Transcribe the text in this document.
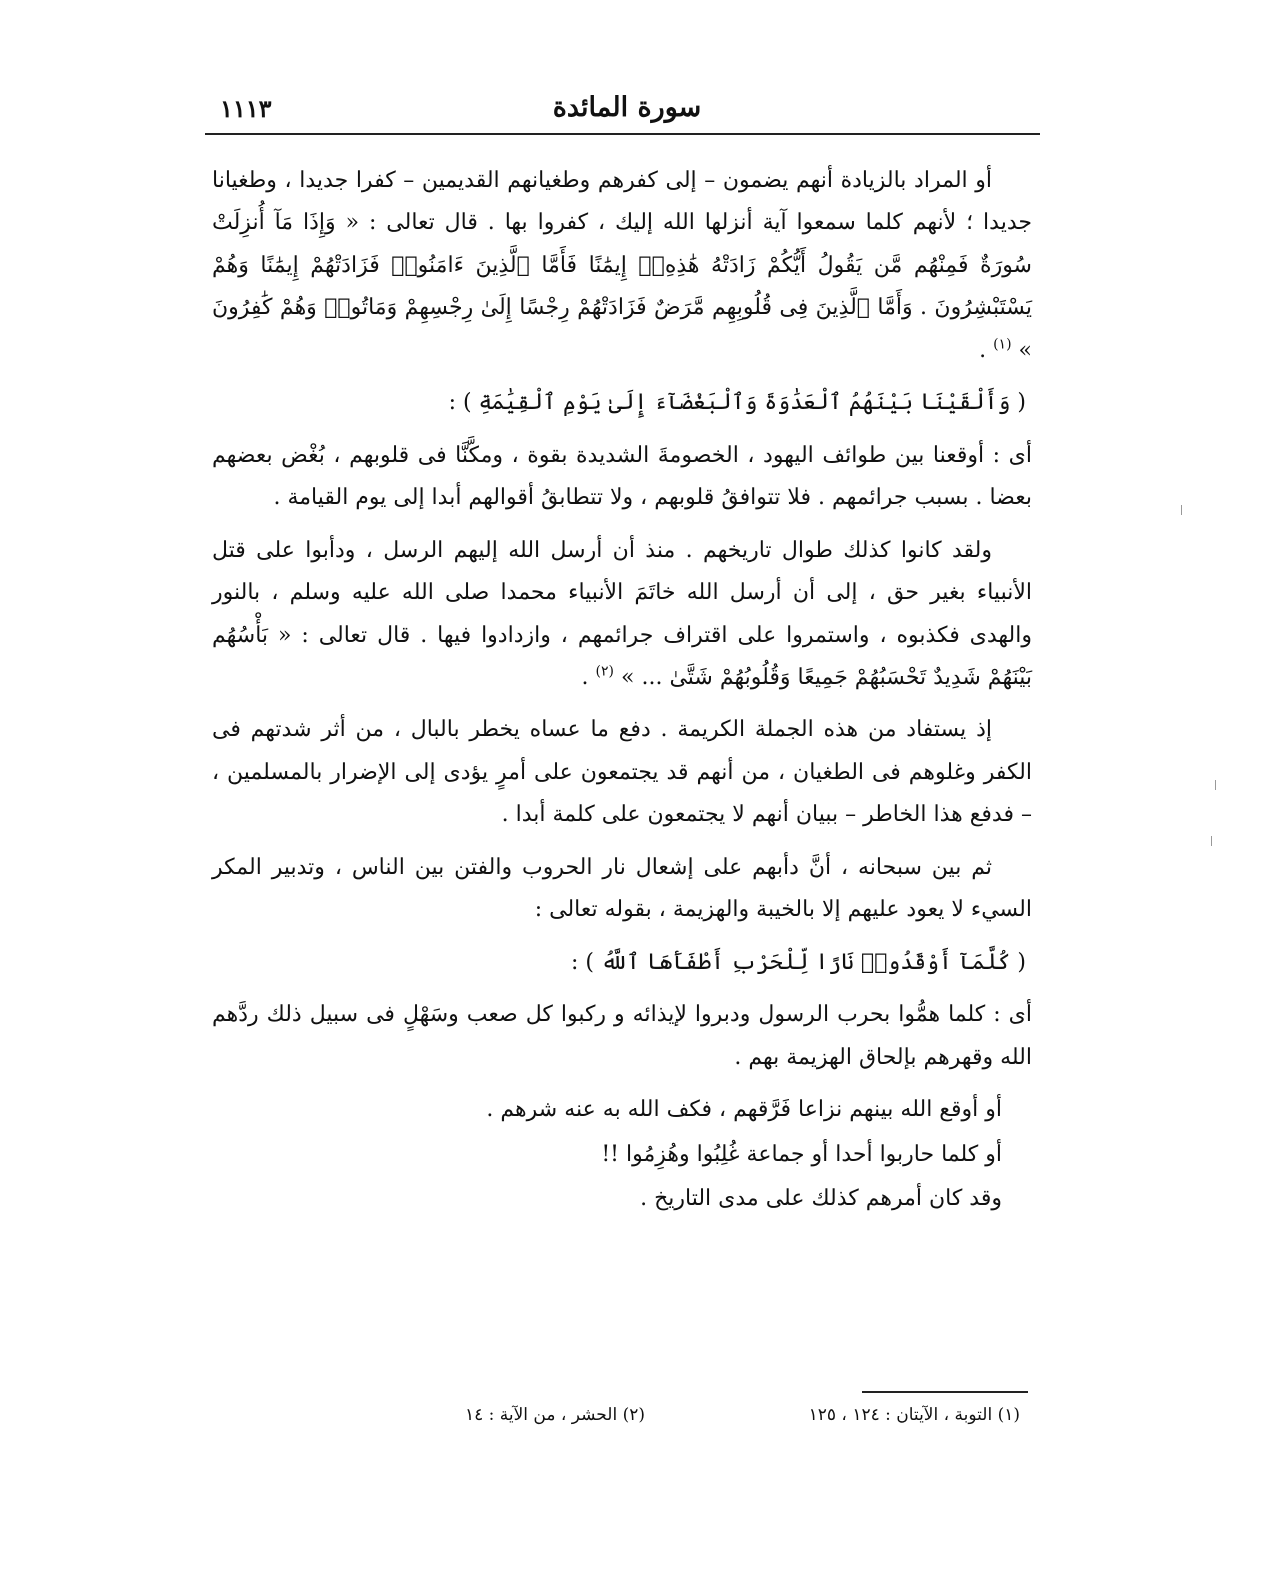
سورة المائدة
١١١٣

أو المراد بالزيادة أنهم يضمون – إلى كفرهم وطغيانهم القديمين – كفرا جديدا ، وطغيانا جديدا ؛ لأنهم كلما سمعوا آية أنزلها الله إليك ، كفروا بها . قال تعالى : « وَإِذَا مَآ أُنزِلَتْ سُورَةٌ فَمِنْهُم مَّن يَقُولُ أَيُّكُمْ زَادَتْهُ هَٰذِهِۦٓ إِيمَٰنًا فَأَمَّا ٱلَّذِينَ ءَامَنُوا۟ فَزَادَتْهُمْ إِيمَٰنًا وَهُمْ يَسْتَبْشِرُونَ . وَأَمَّا ٱلَّذِينَ فِى قُلُوبِهِم مَّرَضٌ فَزَادَتْهُمْ رِجْسًا إِلَىٰ رِجْسِهِمْ وَمَاتُوا۟ وَهُمْ كَٰفِرُونَ » $^{(١)}$ .

( وَأَلْقَيْنَا بَيْنَهُمُ ٱلْعَدَٰوَةَ وَٱلْبَغْضَآءَ إِلَىٰ يَوْمِ ٱلْقِيَٰمَةِ ) :

أى : أوقعنا بين طوائف اليهود ، الخصومةَ الشديدة بقوة ، ومكَّنَّا فى قلوبهم ، بُغْض بعضهم بعضا . بسبب جرائمهم . فلا تتوافقُ قلوبهم ، ولا تتطابقُ أقوالهم أبدا إلى يوم القيامة .

ولقد كانوا كذلك طوال تاريخهم . منذ أن أرسل الله إليهم الرسل ، ودأبوا على قتل الأنبياء بغير حق ، إلى أن أرسل الله خاتَمَ الأنبياء محمدا صلى الله عليه وسلم ، بالنور والهدى فكذبوه ، واستمروا على اقتراف جرائمهم ، وازدادوا فيها . قال تعالى : « بَأْسُهُم بَيْنَهُمْ شَدِيدٌ تَحْسَبُهُمْ جَمِيعًا وَقُلُوبُهُمْ شَتَّىٰ ... » $^{(٢)}$ .

إذ يستفاد من هذه الجملة الكريمة . دفع ما عساه يخطر بالبال ، من أثر شدتهم فى الكفر وغلوهم فى الطغيان ، من أنهم قد يجتمعون على أمرٍ يؤدى إلى الإضرار بالمسلمين ، – فدفع هذا الخاطر – ببيان أنهم لا يجتمعون على كلمة أبدا .

ثم بين سبحانه ، أنَّ دأبهم على إشعال نار الحروب والفتن بين الناس ، وتدبير المكر السيء لا يعود عليهم إلا بالخيبة والهزيمة ، بقوله تعالى :

( كُلَّمَآ أَوْقَدُوا۟ نَارًا لِّلْحَرْبِ أَطْفَأَهَا ٱللَّهُ ) :

أى : كلما همُّوا بحرب الرسول ودبروا لإيذائه و ركبوا كل صعب وسَهْلٍ فى سبيل ذلك ردَّهم الله وقهرهم بإلحاق الهزيمة بهم .

أو أوقع الله بينهم نزاعا فَرَّقهم ، فكف الله به عنه شرهم .

أو كلما حاربوا أحدا أو جماعة غُلِبُوا وهُزِمُوا !!

وقد كان أمرهم كذلك على مدى التاريخ .

(١) التوبة ، الآيتان : ١٢٤ ، ١٢٥
(٢) الحشر ، من الآية : ١٤
